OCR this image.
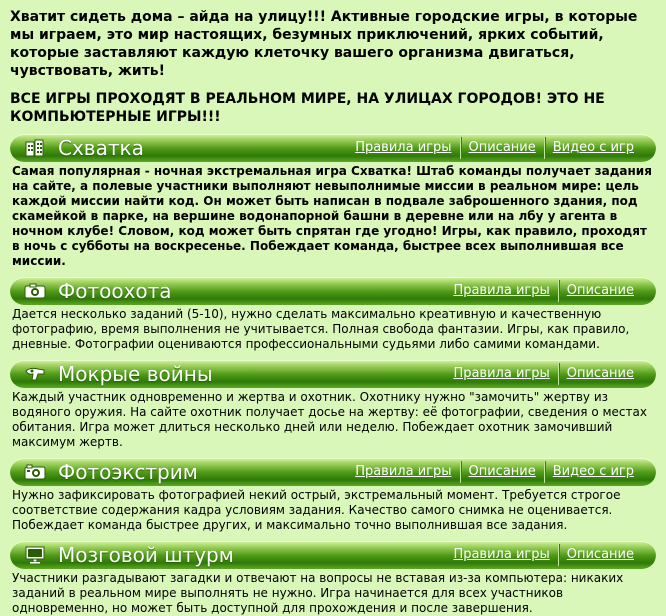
Хватит сидеть дома – айда на улицу!!! Активные городские игры, в которые мы играем, это мир настоящих, безумных приключений, ярких событий, которые заставляют каждую клеточку вашего организма двигаться, чувствовать, жить!
ВСЕ ИГРЫ ПРОХОДЯТ В РЕАЛЬНОМ МИРЕ, НА УЛИЦАХ ГОРОДОВ! ЭТО НЕ КОМПЬЮТЕРНЫЕ ИГРЫ!!!
Схватка	Правила игры	Описание	Видео с игр
Самая популярная - ночная экстремальная игра Схватка! Штаб команды получает задания на сайте, а полевые участники выполняют невыполнимые миссии в реальном мире: цель каждой миссии найти код. Он может быть написан в подвале заброшенного здания, под скамейкой в парке, на вершине водонапорной башни в деревне или на лбу у агента в ночном клубе! Словом, код может быть спрятан где угодно! Игры, как правило, проходят в ночь с субботы на воскресенье. Побеждает команда, быстрее всех выполнившая все миссии.
Фотоохота	Правила игры	Описание
Дается несколько заданий (5-10), нужно сделать максимально креативную и качественную фотографию, время выполнения не учитывается. Полная свобода фантазии. Игры, как правило, дневные. Фотографии оцениваются профессиональными судьями либо самими командами.
Мокрые войны	Правила игры	Описание
Каждый участник одновременно и жертва и охотник. Охотнику нужно "замочить" жертву из водяного оружия. На сайте охотник получает досье на жертву: её фотографии, сведения о местах обитания. Игра может длиться несколько дней или неделю. Побеждает охотник замочивший максимум жертв.
Фотоэкстрим	Правила игры	Описание	Видео с игр
Нужно зафиксировать фотографией некий острый, экстремальный момент. Требуется строгое соответствие содержания кадра условиям задания. Качество самого снимка не оценивается. Побеждает команда быстрее других, и максимально точно выполнившая все задания.
Мозговой штурм	Правила игры	Описание
Участники разгадывают загадки и отвечают на вопросы не вставая из-за компьютера: никаких заданий в реальном мире выполнять не нужно. Игра начинается для всех участников одновременно, но может быть доступной для прохождения и после завершения.
